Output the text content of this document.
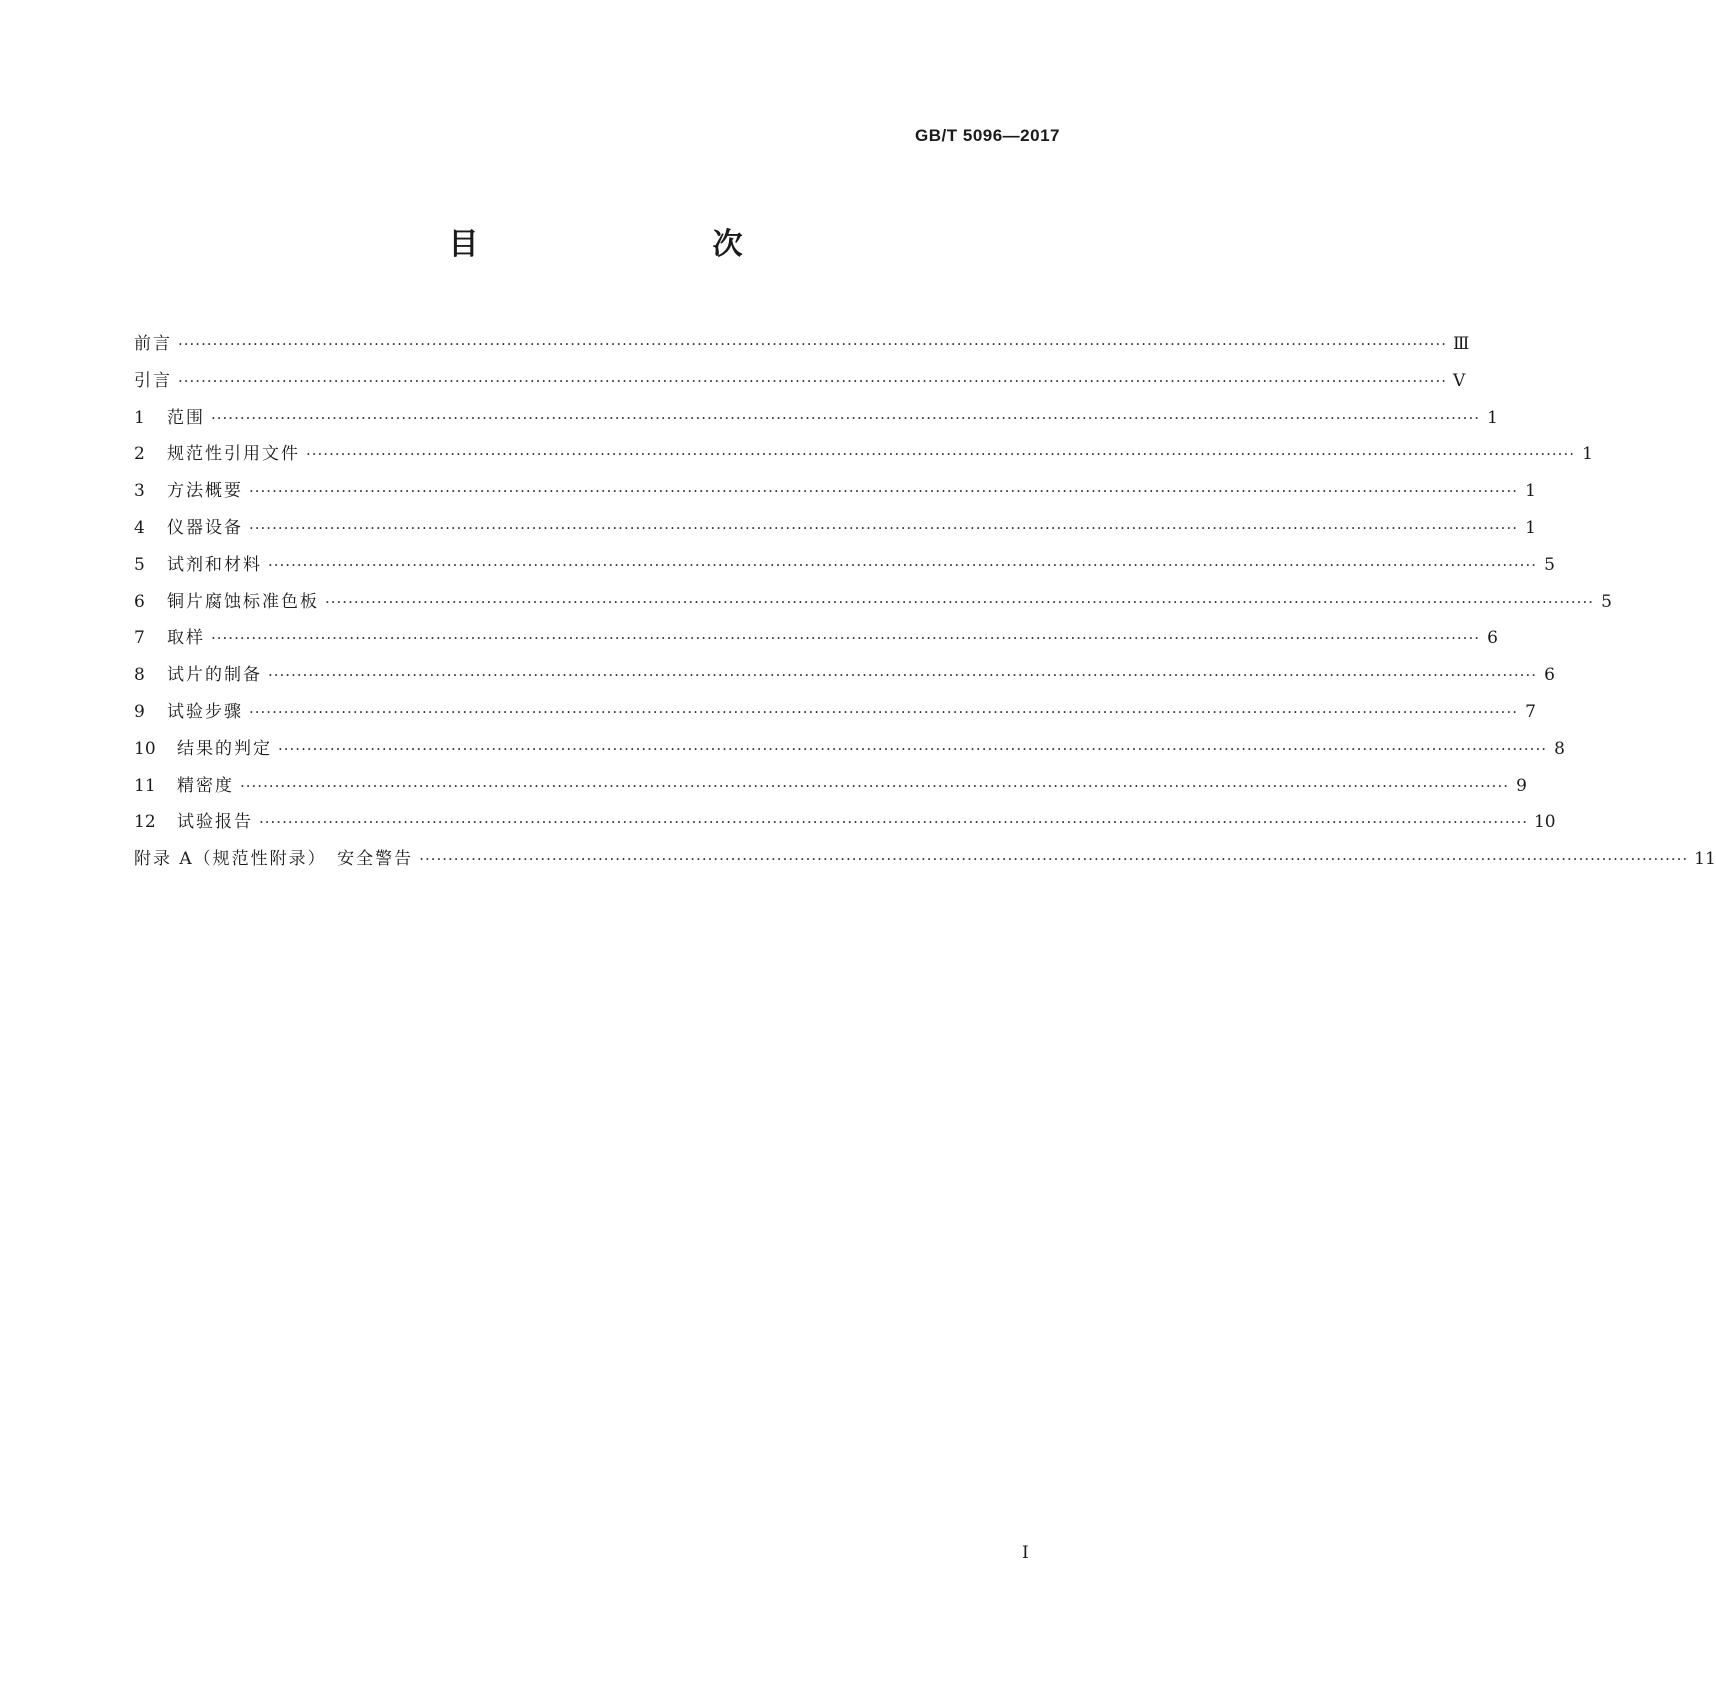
GB/T 5096—2017
目　　次
前言 ···························································································································································································································· Ⅲ
引言 ···························································································································································································································· Ⅴ
1	范围 ···························································································································································································································· 1
2	规范性引用文件 ···························································································································································································································· 1
3	方法概要 ···························································································································································································································· 1
4	仪器设备 ···························································································································································································································· 1
5	试剂和材料 ···························································································································································································································· 5
6	铜片腐蚀标准色板 ···························································································································································································································· 5
7	取样 ···························································································································································································································· 6
8	试片的制备 ···························································································································································································································· 6
9	试验步骤 ···························································································································································································································· 7
10	结果的判定 ···························································································································································································································· 8
11	精密度 ···························································································································································································································· 9
12	试验报告 ···························································································································································································································· 10
附录 A（规范性附录）　安全警告 ···························································································································································································································· 11
Ⅰ
